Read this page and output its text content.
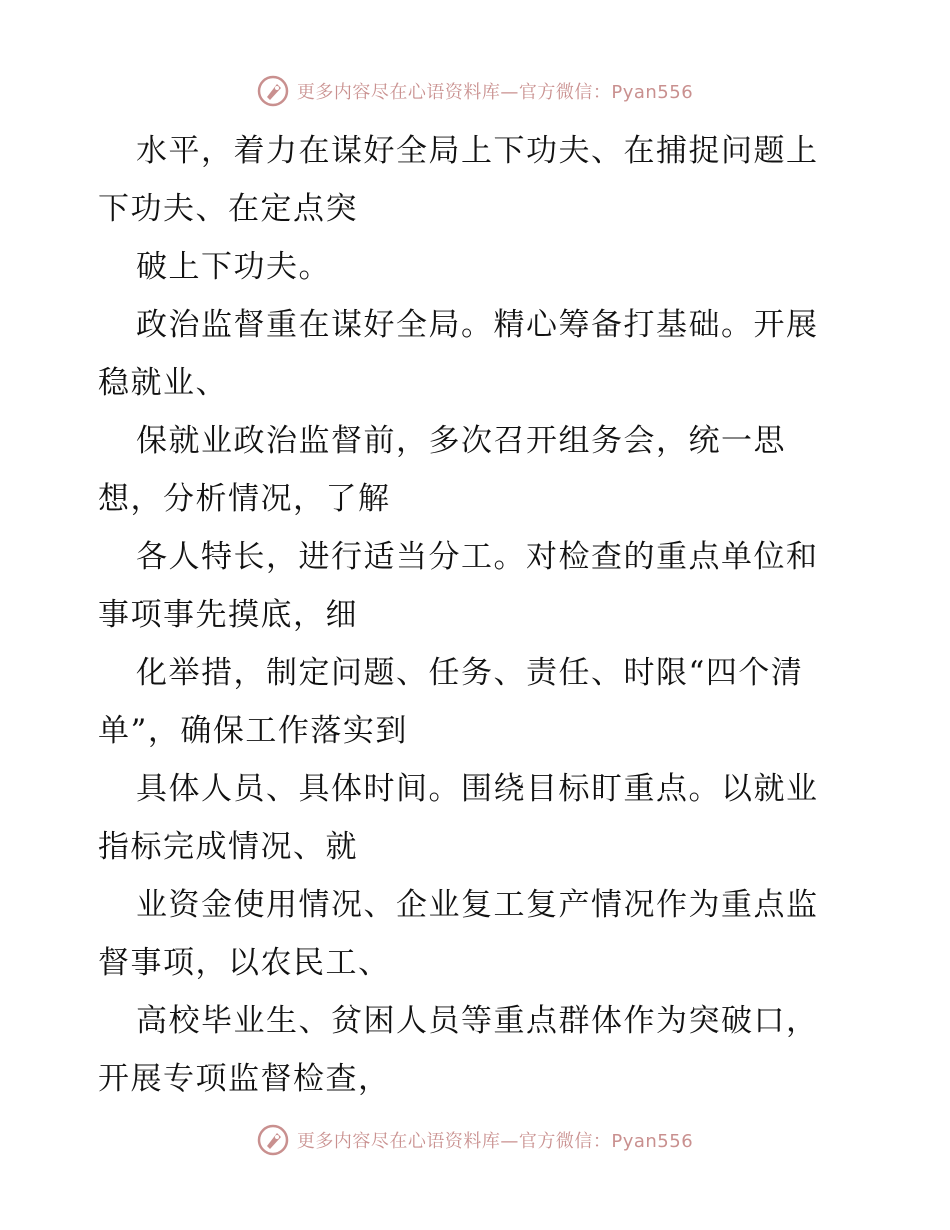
更多内容尽在心语资料库—官方微信：Pyan556
水平，着力在谋好全局上下功夫、在捕捉问题上
下功夫、在定点突
破上下功夫。
政治监督重在谋好全局。精心筹备打基础。开展
稳就业、
保就业政治监督前，多次召开组务会，统一思
想，分析情况，了解
各人特长，进行适当分工。对检查的重点单位和
事项事先摸底，细
化举措，制定问题、任务、责任、时限“四个清
单”，确保工作落实到
具体人员、具体时间。围绕目标盯重点。以就业
指标完成情况、就
业资金使用情况、企业复工复产情况作为重点监
督事项，以农民工、
高校毕业生、贫困人员等重点群体作为突破口，
开展专项监督检查，
更多内容尽在心语资料库—官方微信：Pyan556
